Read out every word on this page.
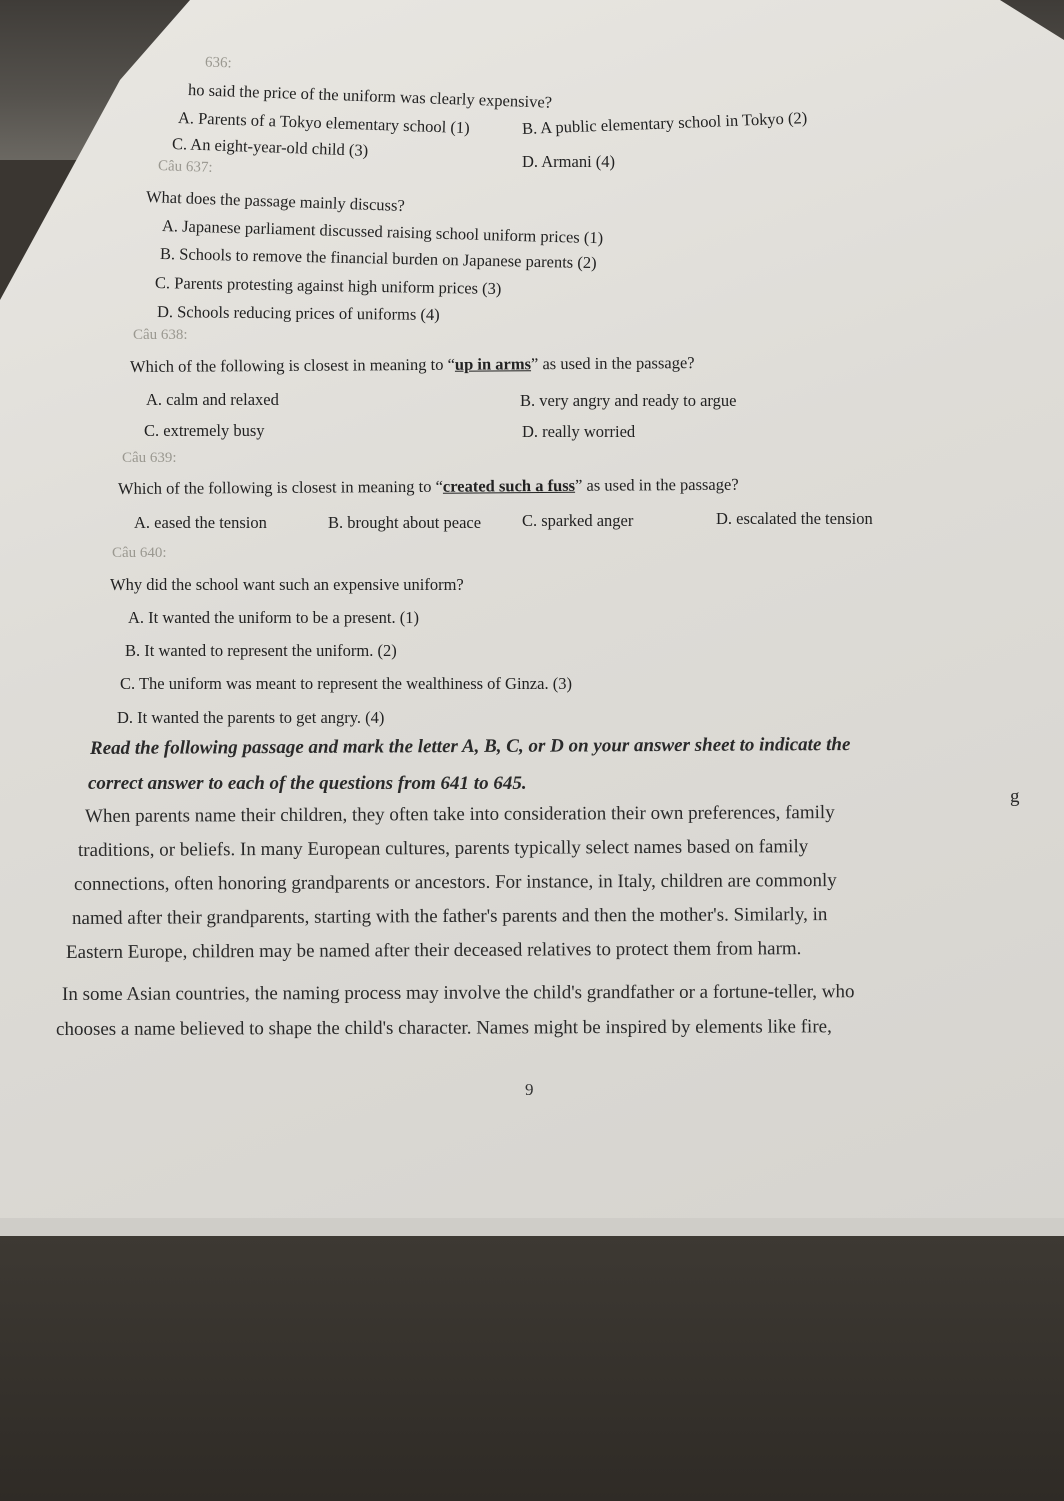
636:
ho said the price of the uniform was clearly expensive?
A. Parents of a Tokyo elementary school (1)	B. A public elementary school in Tokyo (2)
C. An eight-year-old child (3)
D. Armani (4)
Câu 637:
What does the passage mainly discuss?
A. Japanese parliament discussed raising school uniform prices (1)
B. Schools to remove the financial burden on Japanese parents (2)
C. Parents protesting against high uniform prices (3)
D. Schools reducing prices of uniforms (4)
Câu 638:
Which of the following is closest in meaning to “up in arms” as used in the passage?
A. calm and relaxed	B. very angry and ready to argue
C. extremely busy	D. really worried
Câu 639:
Which of the following is closest in meaning to “created such a fuss” as used in the passage?
A. eased the tension	B. brought about peace C. sparked anger	D. escalated the tension
Câu 640:
Why did the school want such an expensive uniform?
A. It wanted the uniform to be a present. (1)
B. It wanted to represent the uniform. (2)
C. The uniform was meant to represent the wealthiness of Ginza. (3)
D. It wanted the parents to get angry. (4)
Read the following passage and mark the letter A, B, C, or D on your answer sheet to indicate the
correct answer to each of the questions from 641 to 645.
g
When parents name their children, they often take into consideration their own preferences, family
traditions, or beliefs. In many European cultures, parents typically select names based on family
connections, often honoring grandparents or ancestors. For instance, in Italy, children are commonly
named after their grandparents, starting with the father's parents and then the mother's. Similarly, in
Eastern Europe, children may be named after their deceased relatives to protect them from harm.
In some Asian countries, the naming process may involve the child's grandfather or a fortune-teller, who
chooses a name believed to shape the child's character. Names might be inspired by elements like fire,
9
